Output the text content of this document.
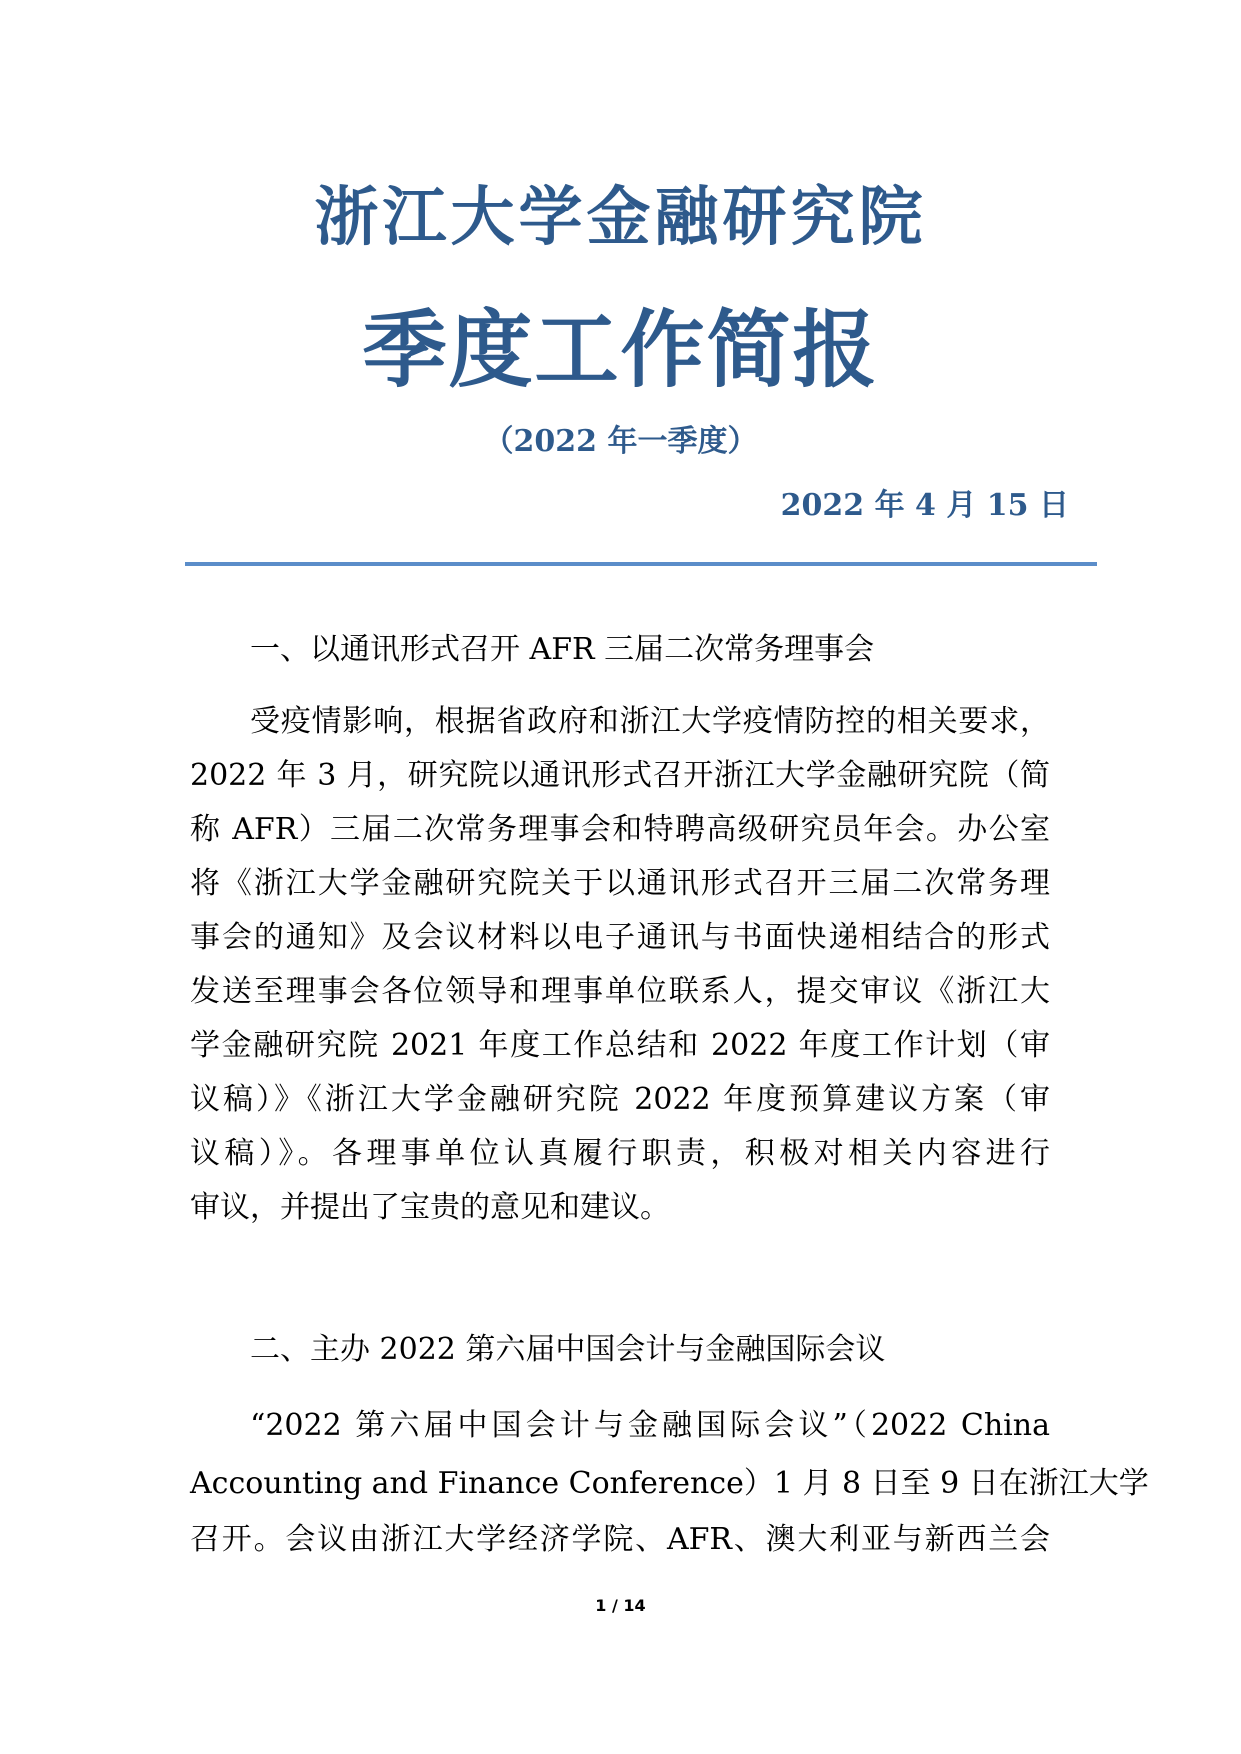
浙江大学金融研究院
季度工作简报
（2022 年一季度）
2022 年 4 月 15 日
一、以通讯形式召开 AFR 三届二次常务理事会
受疫情影响，根据省政府和浙江大学疫情防控的相关要求，
2022 年 3 月，研究院以通讯形式召开浙江大学金融研究院（简
称 AFR）三届二次常务理事会和特聘高级研究员年会。办公室
将《浙江大学金融研究院关于以通讯形式召开三届二次常务理
事会的通知》及会议材料以电子通讯与书面快递相结合的形式
发送至理事会各位领导和理事单位联系人，提交审议《浙江大
学金融研究院 2021 年度工作总结和 2022 年度工作计划（审
议稿）》《浙江大学金融研究院 2022 年度预算建议方案（审
议稿）》。各理事单位认真履行职责，积极对相关内容进行
审议，并提出了宝贵的意见和建议。
二、主办 2022 第六届中国会计与金融国际会议
“2022 第六届中国会计与金融国际会议”（2022 China
Accounting and Finance Conference）1 月 8 日至 9 日在浙江大学
召开。会议由浙江大学经济学院、AFR、澳大利亚与新西兰会
1 / 14
